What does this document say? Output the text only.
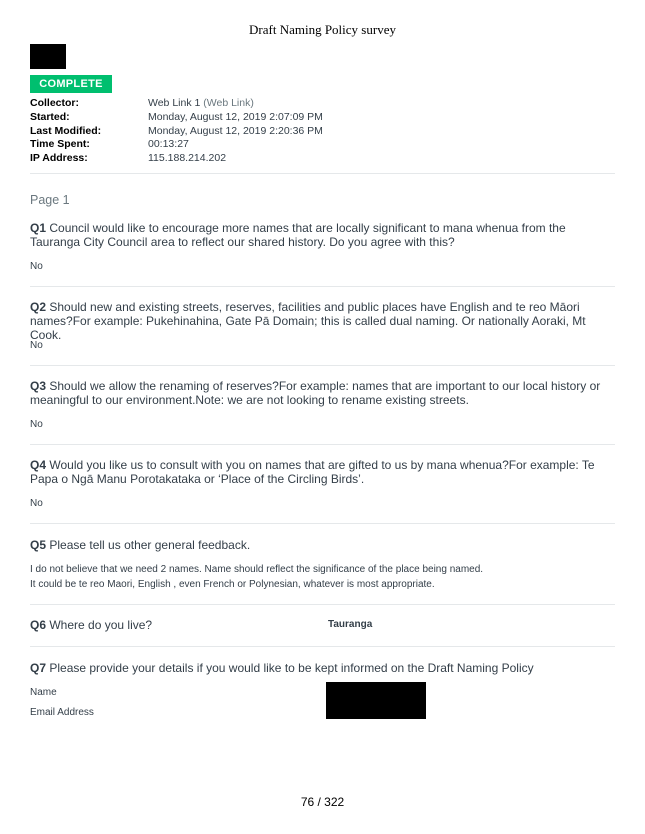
Draft Naming Policy survey
COMPLETE
Collector:	Web Link 1 (Web Link)
Started:	Monday, August 12, 2019 2:07:09 PM
Last Modified:	Monday, August 12, 2019 2:20:36 PM
Time Spent:	00:13:27
IP Address:	115.188.214.202
Page 1
Q1 Council would like to encourage more names that are locally significant to mana whenua from the Tauranga City Council area to reflect our shared history. Do you agree with this?
No
Q2 Should new and existing streets, reserves, facilities and public places have English and te reo Māori names?For example: Pukehinahina, Gate Pā Domain; this is called dual naming. Or nationally Aoraki, Mt Cook.
No
Q3 Should we allow the renaming of reserves?For example: names that are important to our local history or meaningful to our environment.Note: we are not looking to rename existing streets.
No
Q4 Would you like us to consult with you on names that are gifted to us by mana whenua?For example: Te Papa o Ngā Manu Porotakataka or ‘Place of the Circling Birds’.
No
Q5 Please tell us other general feedback.
I do not believe that we need 2 names. Name should reflect the significance of the place being named.
It could be te reo Maori, English , even French or Polynesian, whatever is most appropriate.
Q6 Where do you live?	Tauranga
Q7 Please provide your details if you would like to be kept informed on the Draft Naming Policy
Name
Email Address
76 / 322
